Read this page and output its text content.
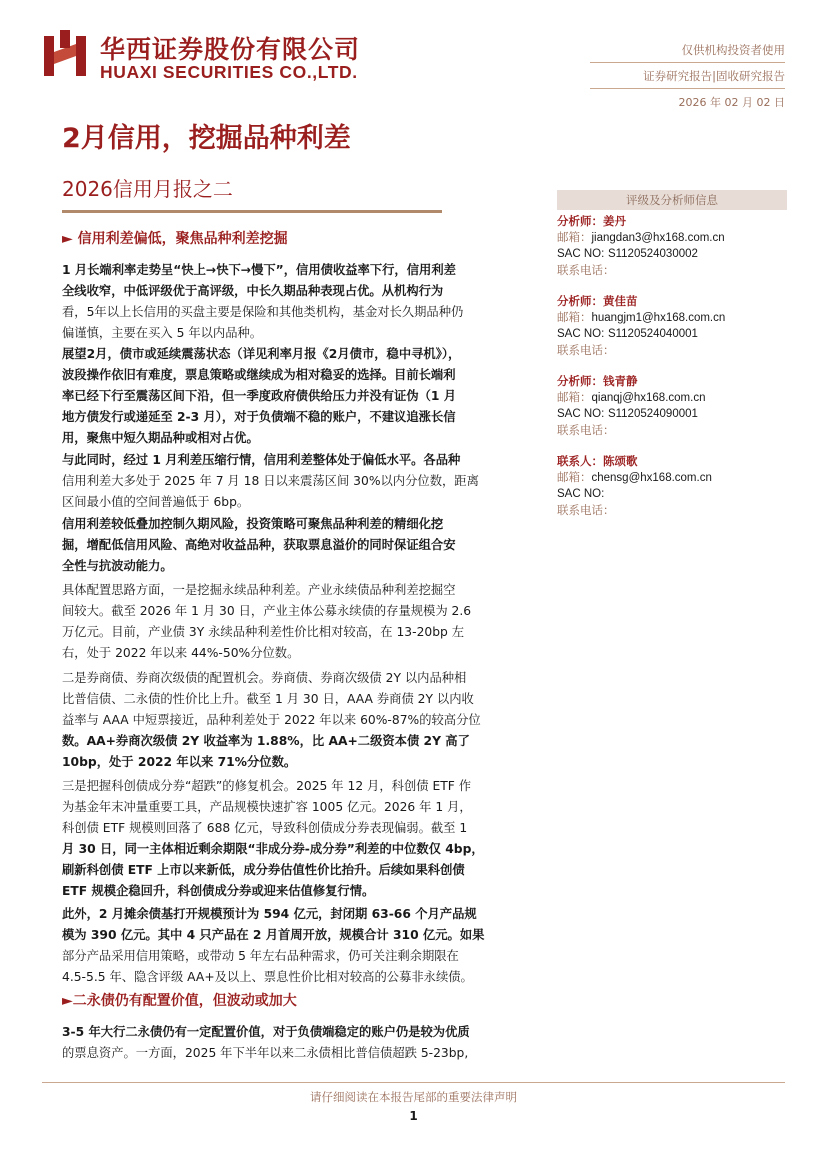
华西证券股份有限公司
HUAXI SECURITIES CO.,LTD.
仅供机构投资者使用
证券研究报告|固收研究报告
2026 年 02 月 02 日
2月信用，挖掘品种利差
2026信用月报之二
► 信用利差偏低，聚焦品种利差挖掘

1 月长端利率走势呈“快上→快下→慢下”，信用债收益率下行，信用利差

全线收窄，中低评级优于高评级，中长久期品种表现占优。从机构行为

看，5年以上长信用的买盘主要是保险和其他类机构，基金对长久期品种仍

偏谨慎，主要在买入 5 年以内品种。

展望2月，债市或延续震荡状态（详见利率月报《2月债市，稳中寻机》），

波段操作依旧有难度，票息策略或继续成为相对稳妥的选择。目前长端利

率已经下行至震荡区间下沿，但一季度政府债供给压力并没有证伪（1 月

地方债发行或递延至 2-3 月），对于负债端不稳的账户，不建议追涨长信

用，聚焦中短久期品种或相对占优。

与此同时，经过 1 月利差压缩行情，信用利差整体处于偏低水平。各品种

信用利差大多处于 2025 年 7 月 18 日以来震荡区间 30%以内分位数，距离

区间最小值的空间普遍低于 6bp。

信用利差较低叠加控制久期风险，投资策略可聚焦品种利差的精细化挖

掘，增配低信用风险、高绝对收益品种，获取票息溢价的同时保证组合安

全性与抗波动能力。

具体配置思路方面，一是挖掘永续品种利差。产业永续债品种利差挖掘空

间较大。截至 2026 年 1 月 30 日，产业主体公募永续债的存量规模为 2.6

万亿元。目前，产业债 3Y 永续品种利差性价比相对较高，在 13-20bp 左

右，处于 2022 年以来 44%-50%分位数。

二是券商债、券商次级债的配置机会。券商债、券商次级债 2Y 以内品种相

比普信债、二永债的性价比上升。截至 1 月 30 日，AAA 券商债 2Y 以内收

益率与 AAA 中短票接近，品种利差处于 2022 年以来 60%-87%的较高分位

数。AA+券商次级债 2Y 收益率为 1.88%，比 AA+二级资本债 2Y 高了

10bp，处于 2022 年以来 71%分位数。

三是把握科创债成分券“超跌”的修复机会。2025 年 12 月，科创债 ETF 作

为基金年末冲量重要工具，产品规模快速扩容 1005 亿元。2026 年 1 月，

科创债 ETF 规模则回落了 688 亿元，导致科创债成分券表现偏弱。截至 1

月 30 日，同一主体相近剩余期限“非成分券-成分券”利差的中位数仅 4bp，

刷新科创债 ETF 上市以来新低，成分券估值性价比抬升。后续如果科创债

ETF 规模企稳回升，科创债成分券或迎来估值修复行情。

此外，2 月摊余债基打开规模预计为 594 亿元，封闭期 63-66 个月产品规

模为 390 亿元。其中 4 只产品在 2 月首周开放，规模合计 310 亿元。如果

部分产品采用信用策略，或带动 5 年左右品种需求，仍可关注剩余期限在

4.5-5.5 年、隐含评级 AA+及以上、票息性价比相对较高的公募非永续债。

►二永债仍有配置价值，但波动或加大

3-5 年大行二永债仍有一定配置价值，对于负债端稳定的账户仍是较为优质

的票息资产。一方面，2025 年下半年以来二永债相比普信债超跌 5-23bp,

评级及分析师信息
分析师：姜丹
邮箱：jiangdan3@hx168.com.cn
SAC NO: S1120524030002
联系电话：
分析师：黄佳苗
邮箱：huangjm1@hx168.com.cn
SAC NO: S1120524040001
联系电话：
分析师：钱青静
邮箱：qianqj@hx168.com.cn
SAC NO: S1120524090001
联系电话：
联系人：陈颂歌
邮箱：chensg@hx168.com.cn
SAC NO:
联系电话：
请仔细阅读在本报告尾部的重要法律声明
1
